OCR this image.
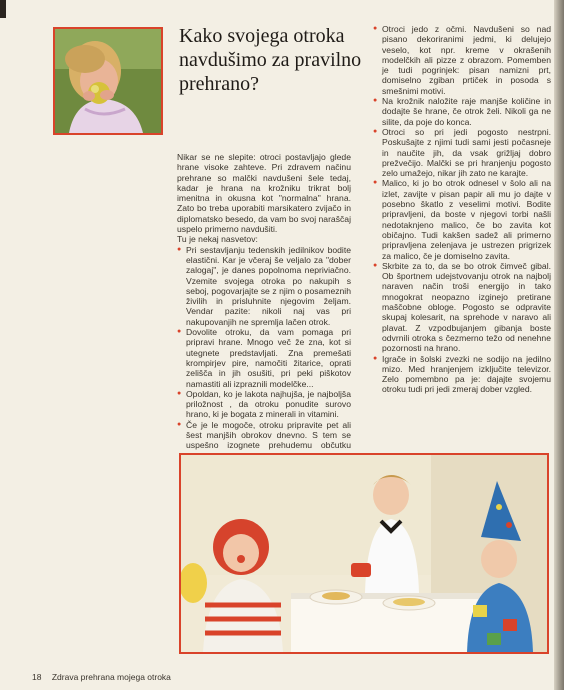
Kako svojega otroka navdušimo za pravilno prehrano?

Nikar se ne slepite: otroci postavljajo glede hrane visoke zahteve. Pri zdravem načinu prehrane so malčki navdušeni šele tedaj, kadar je hrana na krožniku trikrat bolj imenitna in okusna kot "normalna" hrana. Zato bo treba uporabiti marsikatero zvijačo in diplomatsko besedo, da vam bo svoj naraščaj uspelo primerno navdušiti.

Tu je nekaj nasvetov:

● Pri sestavljanju tedenskih jedilnikov bodite elastični. Kar je včeraj še veljalo za "dober zalogaj", je danes popolnoma nepriviačno. Vzemite svojega otroka po nakupih s seboj, pogovarjajte se z njim o posameznih živilih in prisluhnite njegovim željam. Vendar pazite: nikoli naj vas pri nakupovanjih ne spremlja lačen otrok.
● Dovolite otroku, da vam pomaga pri pripravi hrane. Mnogo več že zna, kot si utegnete predstavljati. Zna premešati krompirjev pire, namočiti žitarice, oprati zelišča in jih osušiti, pri peki piškotov namastiti ali izpraznili modelčke...
● Opoldan, ko je lakota najhujša, je najboljša priložnost , da otroku ponudite surovo hrano, ki je bogata z minerali in vitamini.
● Če je le mogoče, otroku pripravite pet ali šest manjših obrokov dnevno. S tem se uspešno izognete prehudemu občutku
● Otroci jedo z očmi. Navdušeni so nad pisano dekoriranimi jedmi, ki delujejo veselo, kot npr. kreme v okrašenih modelčkih ali pizze z obrazom. Pomemben je tudi pogrinjek: pisan namizni prt, domiselno zgiban prtiček in posoda s smešnimi motivi.
● Na krožnik naložite raje manjše količine in dodajte še hrane, če otrok želi. Nikoli ga ne silite, da poje do konca.
● Otroci so pri jedi pogosto nestrpni. Poskušajte z njimi tudi sami jesti počasneje in naučite jih, da vsak grižljaj dobro prežvečijo. Malčki se pri hranjenju pogosto zelo umažejo, nikar jih zato ne karajte.
● Malico, ki jo bo otrok odnesel v šolo ali na izlet, zavijte v pisan papir ali mu jo dajte v posebno škatlo z veselimi motivi. Bodite pripravljeni, da boste v njegovi torbi našli nedotaknjeno malico, če bo zavita kot običajno. Tudi kakšen sadež ali primerno pripravljena zelenjava je ustrezen prigrizek za malico, če je domiselno zavita.
● Skrbite za to, da se bo otrok čimveč gibal. Ob športnem udejstvovanju otrok na najbolj naraven način troši energijo in tako mnogokrat neopazno izginejo pretirane maščobne obloge. Pogosto se odpravite skupaj kolesarit, na sprehode v naravo ali plavat. Z vzpodbujanjem gibanja boste odvrnili otroka s čezmerno težo od nenehne pozornosti na hrano.
● Igrače in šolski zvezki ne sodijo na jedilno mizo. Med hranjenjem izključite televizor. Zelo pomembno pa je: dajajte svojemu otroku tudi pri jedi zmeraj dober vzgled.
18 Zdrava prehrana mojega otroka
